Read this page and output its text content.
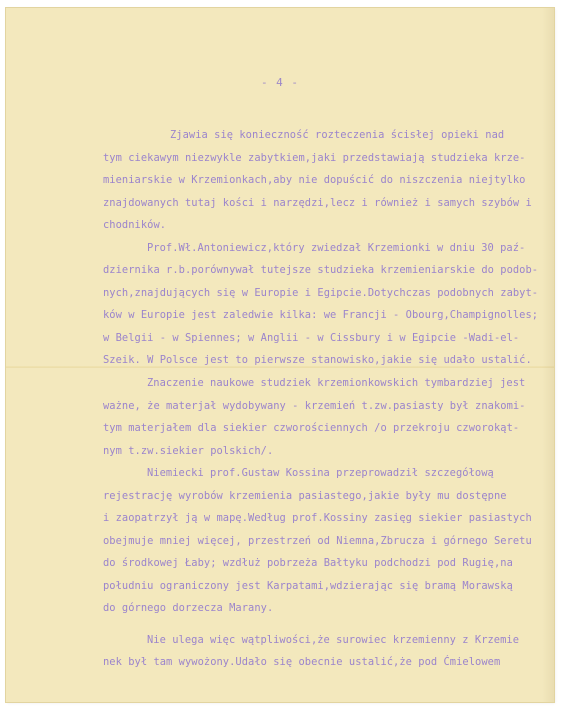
- 4 -
Zjawia się konieczność rozteczenia ścisłej opieki nad
tym ciekawym niezwykle zabytkiem,jaki przedstawiają studzieka krze-
mieniarskie w Krzemionkach,aby nie dopuścić do niszczenia niejtylko
znajdowanych tutaj kości i narzędzi,lecz i również i samych szybów i
chodników.
Prof.Wł.Antoniewicz,który zwiedzał Krzemionki w dniu 30 paź-
dziernika r.b.porównywał tutejsze studzieka krzemieniarskie do podob-
nych,znajdujących się w Europie i Egipcie.Dotychczas podobnych zabyt-
ków w Europie jest zaledwie kilka: we Francji - Obourg,Champignolles;
w Belgii - w Spiennes; w Anglii - w Cissbury i w Egipcie -Wadi-el-
Szeik. W Polsce jest to pierwsze stanowisko,jakie się udało ustalić.
Znaczenie naukowe studziek krzemionkowskich tymbardziej jest
ważne, że materjał wydobywany - krzemień t.zw.pasiasty był znakomi-
tym materjałem dla siekier czworościennych /o przekroju czworokąt-
nym t.zw.siekier polskich/.
Niemiecki prof.Gustaw Kossina przeprowadził szczegółową
rejestrację wyrobów krzemienia pasiastego,jakie były mu dostępne
i zaopatrzył ją w mapę.Według prof.Kossiny zasięg siekier pasiastych
obejmuje mniej więcej, przestrzeń od Niemna,Zbrucza i górnego Seretu
do środkowej Łaby; wzdłuż pobrzeża Bałtyku podchodzi pod Rugię,na
południu ograniczony jest Karpatami,wdzierając się bramą Morawską
do górnego dorzecza Marany.
Nie ulega więc wątpliwości,że surowiec krzemienny z Krzemie
nek był tam wywożony.Udało się obecnie ustalić,że pod Ćmielowem
